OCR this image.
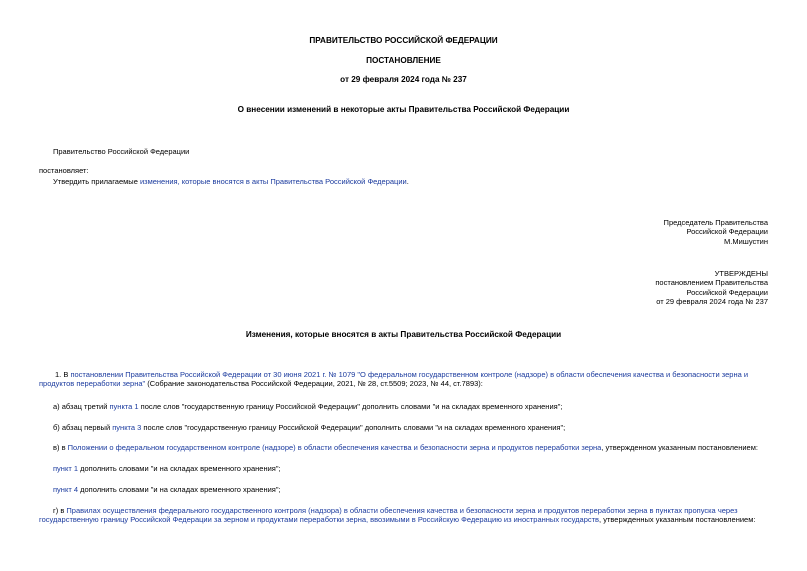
ПРАВИТЕЛЬСТВО РОССИЙСКОЙ ФЕДЕРАЦИИ
ПОСТАНОВЛЕНИЕ
от 29 февраля 2024 года № 237
О внесении изменений в некоторые акты Правительства Российской Федерации
Правительство Российской Федерации
постановляет:
Утвердить прилагаемые изменения, которые вносятся в акты Правительства Российской Федерации.
Председатель Правительства
Российской Федерации
М.Мишустин
УТВЕРЖДЕНЫ
постановлением Правительства
Российской Федерации
от 29 февраля 2024 года № 237
Изменения, которые вносятся в акты Правительства Российской Федерации
1. В постановлении Правительства Российской Федерации от 30 июня 2021 г. № 1079 "О федеральном государственном контроле (надзоре) в области обеспечения качества и безопасности зерна и продуктов переработки зерна" (Собрание законодательства Российской Федерации, 2021, № 28, ст.5509; 2023, № 44, ст.7893):
а) абзац третий пункта 1 после слов "государственную границу Российской Федерации" дополнить словами "и на складах временного хранения";
б) абзац первый пункта 3 после слов "государственную границу Российской Федерации" дополнить словами "и на складах временного хранения";
в) в Положении о федеральном государственном контроле (надзоре) в области обеспечения качества и безопасности зерна и продуктов переработки зерна, утвержденном указанным постановлением:
пункт 1 дополнить словами "и на складах временного хранения";
пункт 4 дополнить словами "и на складах временного хранения";
г) в Правилах осуществления федерального государственного контроля (надзора) в области обеспечения качества и безопасности зерна и продуктов переработки зерна в пунктах пропуска через государственную границу Российской Федерации за зерном и продуктами переработки зерна, ввозимыми в Российскую Федерацию из иностранных государств, утвержденных указанным постановлением:
